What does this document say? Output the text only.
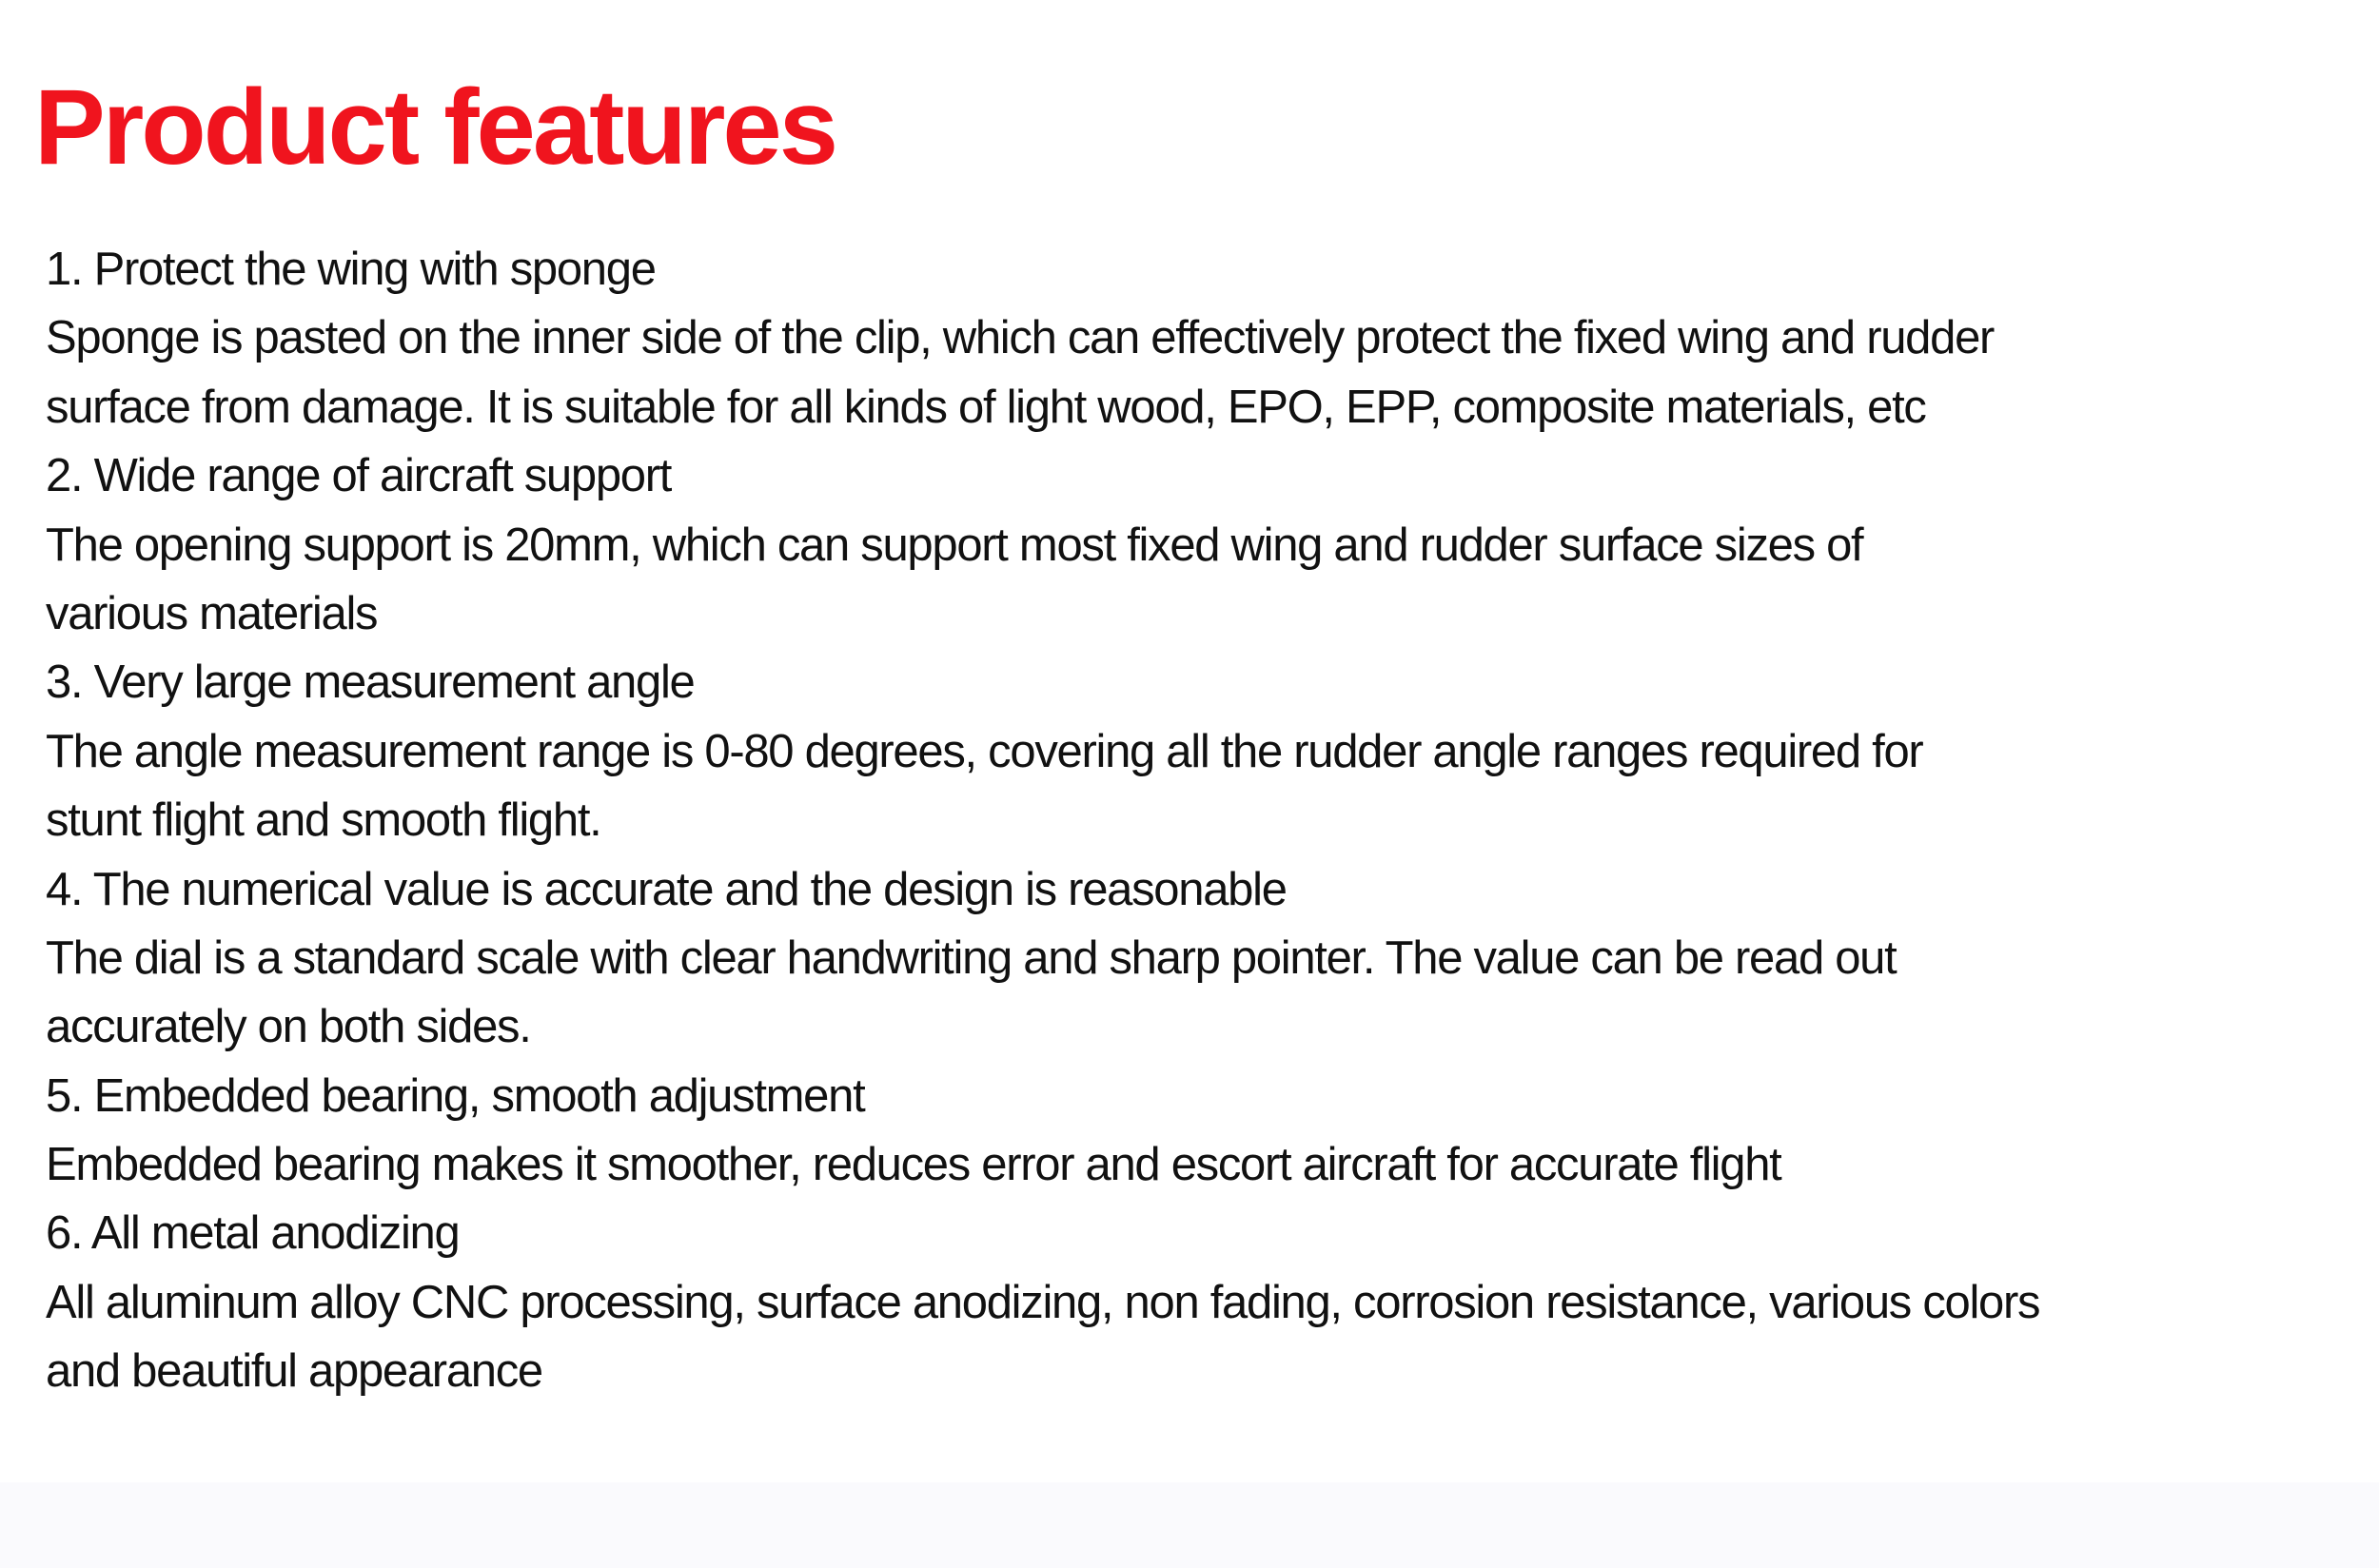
Product features
1. Protect the wing with sponge
Sponge is pasted on the inner side of the clip, which can effectively protect the fixed wing and rudder
surface from damage. It is suitable for all kinds of light wood, EPO, EPP, composite materials, etc
2. Wide range of aircraft support
The opening support is 20mm, which can support most fixed wing and rudder surface sizes of
various materials
3. Very large measurement angle
The angle measurement range is 0-80 degrees, covering all the rudder angle ranges required for
stunt flight and smooth flight.
4. The numerical value is accurate and the design is reasonable
The dial is a standard scale with clear handwriting and sharp pointer. The value can be read out
accurately on both sides.
5. Embedded bearing, smooth adjustment
Embedded bearing makes it smoother, reduces error and escort aircraft for accurate flight
6. All metal anodizing
All aluminum alloy CNC processing, surface anodizing, non fading, corrosion resistance, various colors
and beautiful appearance
